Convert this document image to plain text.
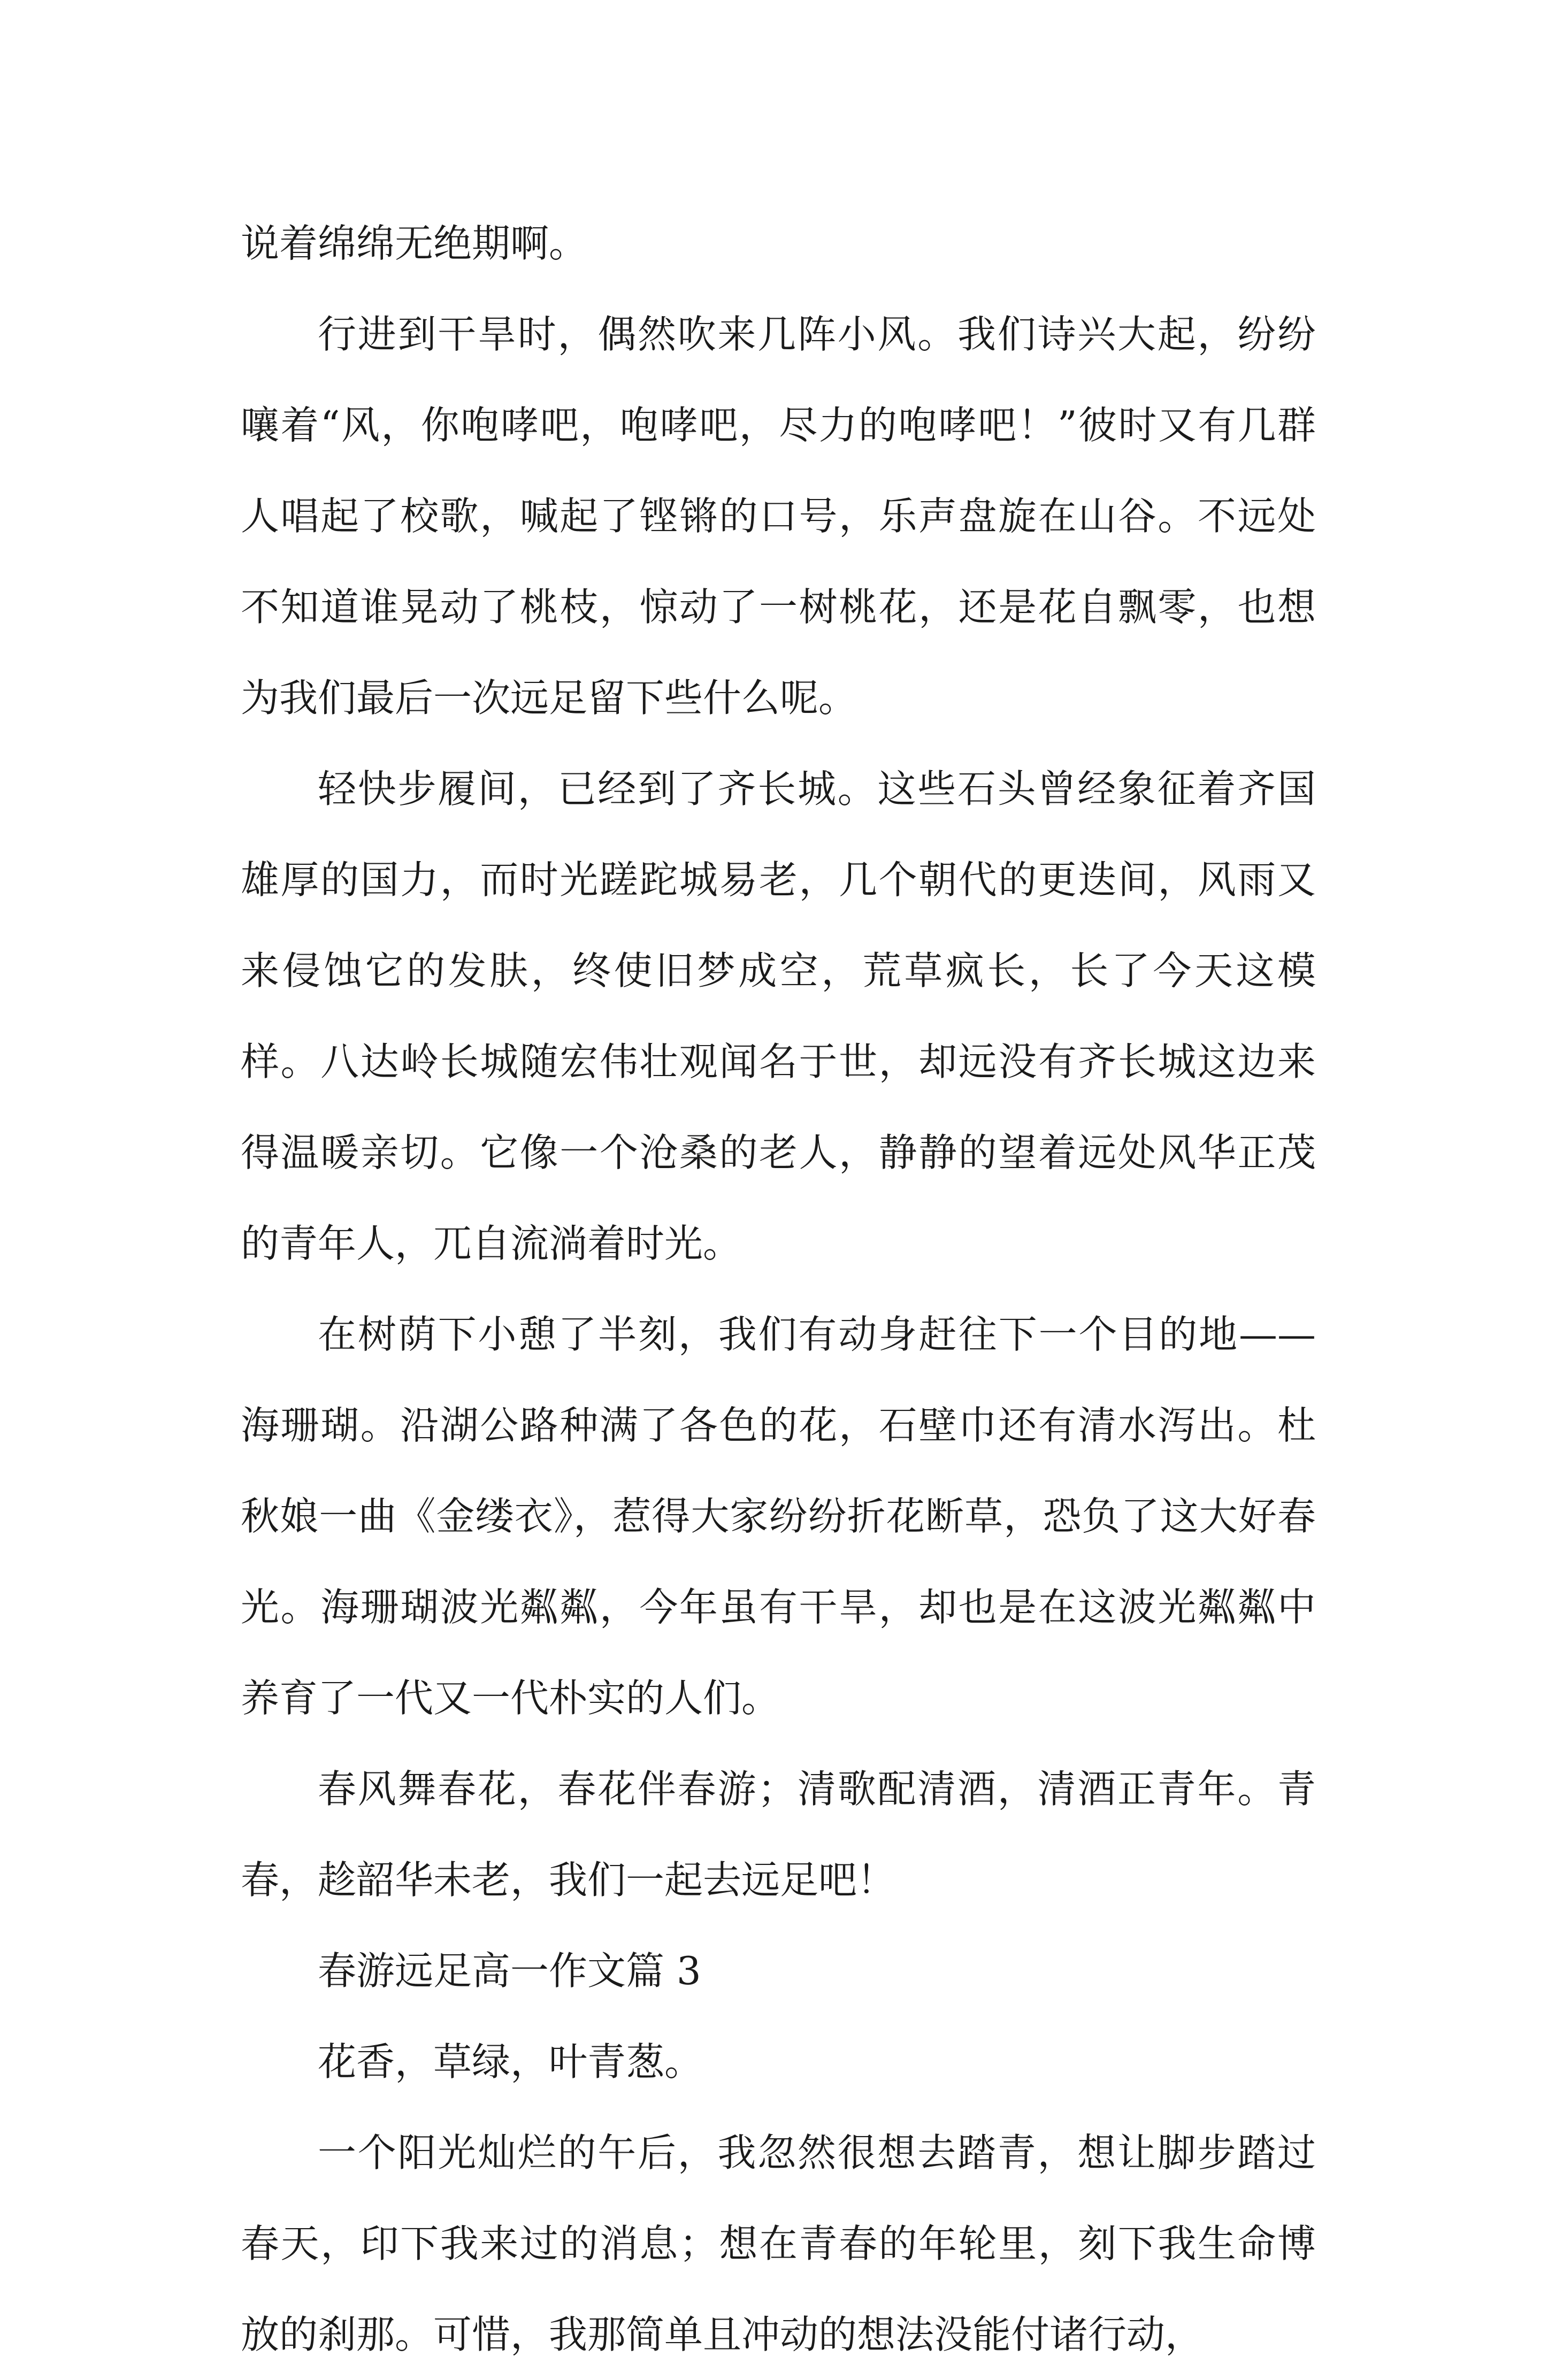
说着绵绵无绝期啊。

行进到干旱时，偶然吹来几阵小风。我们诗兴大起，纷纷嚷着“风，你咆哮吧，咆哮吧，尽力的咆哮吧！”彼时又有几群人唱起了校歌，喊起了铿锵的口号，乐声盘旋在山谷。不远处不知道谁晃动了桃枝，惊动了一树桃花，还是花自飘零，也想为我们最后一次远足留下些什么呢。

轻快步履间，已经到了齐长城。这些石头曾经象征着齐国雄厚的国力，而时光蹉跎城易老，几个朝代的更迭间，风雨又来侵蚀它的发肤，终使旧梦成空，荒草疯长，长了今天这模样。八达岭长城随宏伟壮观闻名于世，却远没有齐长城这边来得温暖亲切。它像一个沧桑的老人，静静的望着远处风华正茂的青年人，兀自流淌着时光。

在树荫下小憩了半刻，我们有动身赶往下一个目的地——海珊瑚。沿湖公路种满了各色的花，石壁巾还有清水泻出。杜秋娘一曲《金缕衣》，惹得大家纷纷折花断草，恐负了这大好春光。海珊瑚波光粼粼，今年虽有干旱，却也是在这波光粼粼中养育了一代又一代朴实的人们。

春风舞春花，春花伴春游；清歌配清酒，清酒正青年。青春，趁韶华未老，我们一起去远足吧！

春游远足高一作文篇 3

花香，草绿，叶青葱。

一个阳光灿烂的午后，我忽然很想去踏青，想让脚步踏过春天，印下我来过的消息；想在青春的年轮里，刻下我生命博放的刹那。可惜，我那简单且冲动的想法没能付诸行动，
